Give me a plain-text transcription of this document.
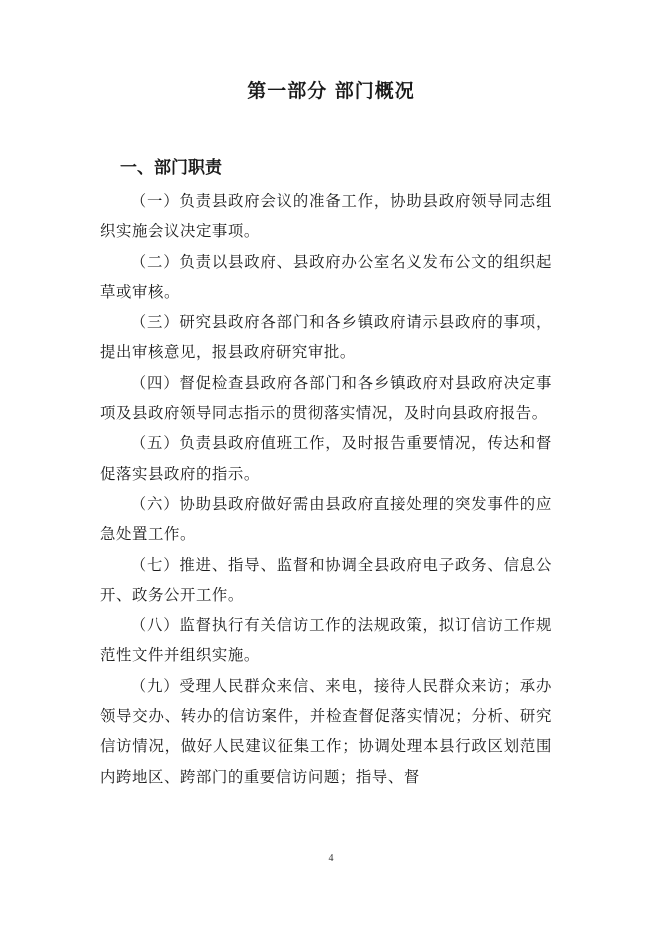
第一部分 部门概况
一、部门职责

（一）负责县政府会议的准备工作，协助县政府领导同志组织实施会议决定事项。

（二）负责以县政府、县政府办公室名义发布公文的组织起草或审核。

（三）研究县政府各部门和各乡镇政府请示县政府的事项，提出审核意见，报县政府研究审批。

（四）督促检查县政府各部门和各乡镇政府对县政府决定事项及县政府领导同志指示的贯彻落实情况，及时向县政府报告。

（五）负责县政府值班工作，及时报告重要情况，传达和督促落实县政府的指示。

（六）协助县政府做好需由县政府直接处理的突发事件的应急处置工作。

（七）推进、指导、监督和协调全县政府电子政务、信息公开、政务公开工作。

（八）监督执行有关信访工作的法规政策，拟订信访工作规范性文件并组织实施。

（九）受理人民群众来信、来电，接待人民群众来访；承办领导交办、转办的信访案件，并检查督促落实情况；分析、研究信访情况，做好人民建议征集工作；协调处理本县行政区划范围内跨地区、跨部门的重要信访问题；指导、督

4
